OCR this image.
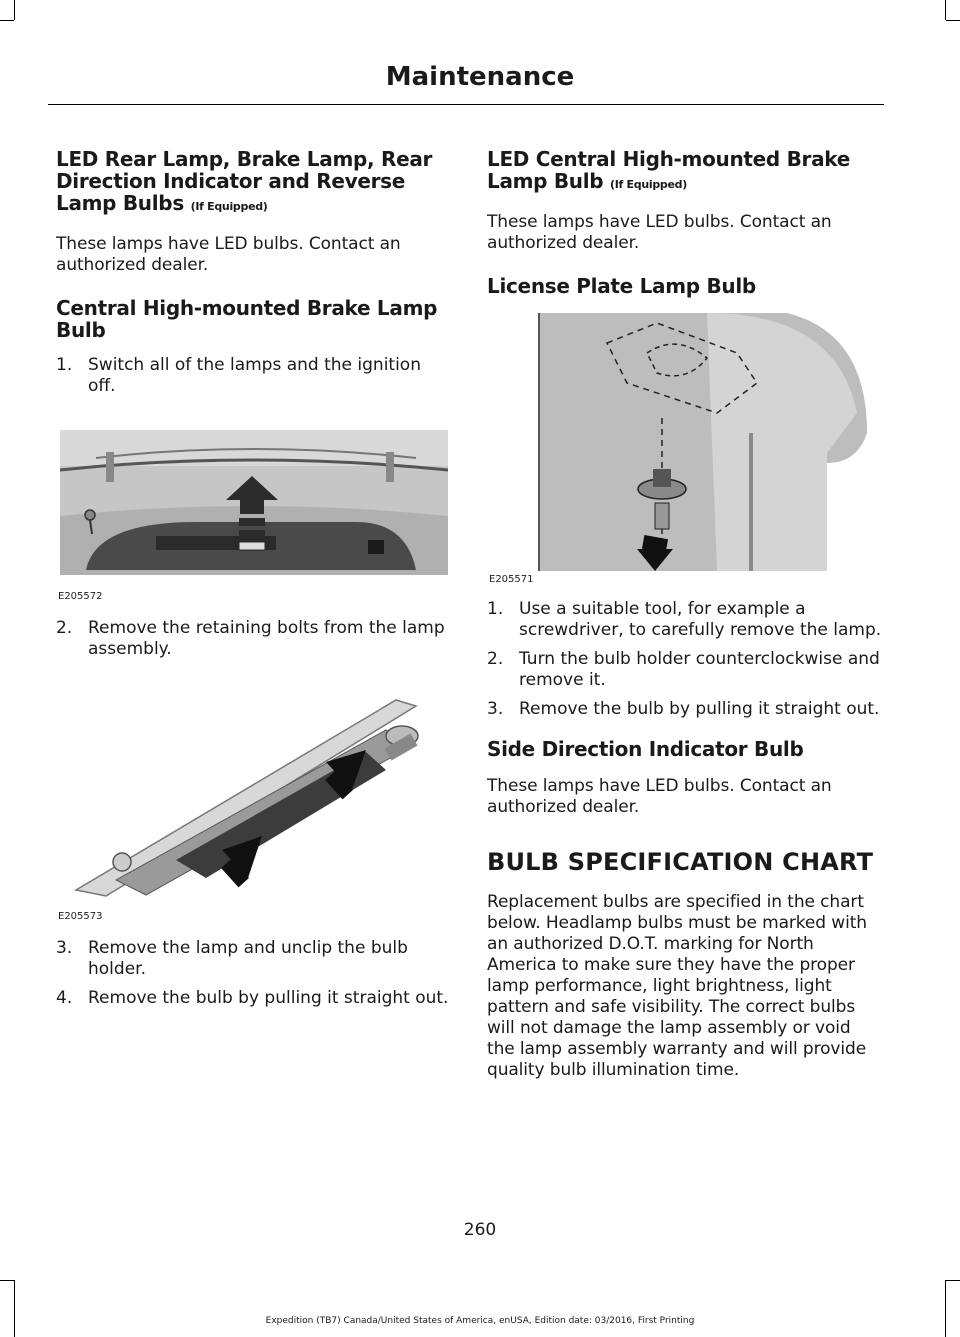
Maintenance
LED Rear Lamp, Brake Lamp, Rear Direction Indicator and Reverse Lamp Bulbs (If Equipped)

These lamps have LED bulbs. Contact an authorized dealer.

Central High-mounted Brake Lamp Bulb
1. Switch all of the lamps and the ignition off.
E205572
2. Remove the retaining bolts from the lamp assembly.
E205573
3. Remove the lamp and unclip the bulb holder.
4. Remove the bulb by pulling it straight out.
LED Central High-mounted Brake Lamp Bulb (If Equipped)

These lamps have LED bulbs. Contact an authorized dealer.

License Plate Lamp Bulb
E205571
1. Use a suitable tool, for example a screwdriver, to carefully remove the lamp.
2. Turn the bulb holder counterclockwise and remove it.
3. Remove the bulb by pulling it straight out.
Side Direction Indicator Bulb

These lamps have LED bulbs. Contact an authorized dealer.

BULB SPECIFICATION CHART

Replacement bulbs are specified in the chart below. Headlamp bulbs must be marked with an authorized D.O.T. marking for North America to make sure they have the proper lamp performance, light brightness, light pattern and safe visibility. The correct bulbs will not damage the lamp assembly or void the lamp assembly warranty and will provide quality bulb illumination time.

260
Expedition (TB7) Canada/United States of America, enUSA, Edition date: 03/2016, First Printing
